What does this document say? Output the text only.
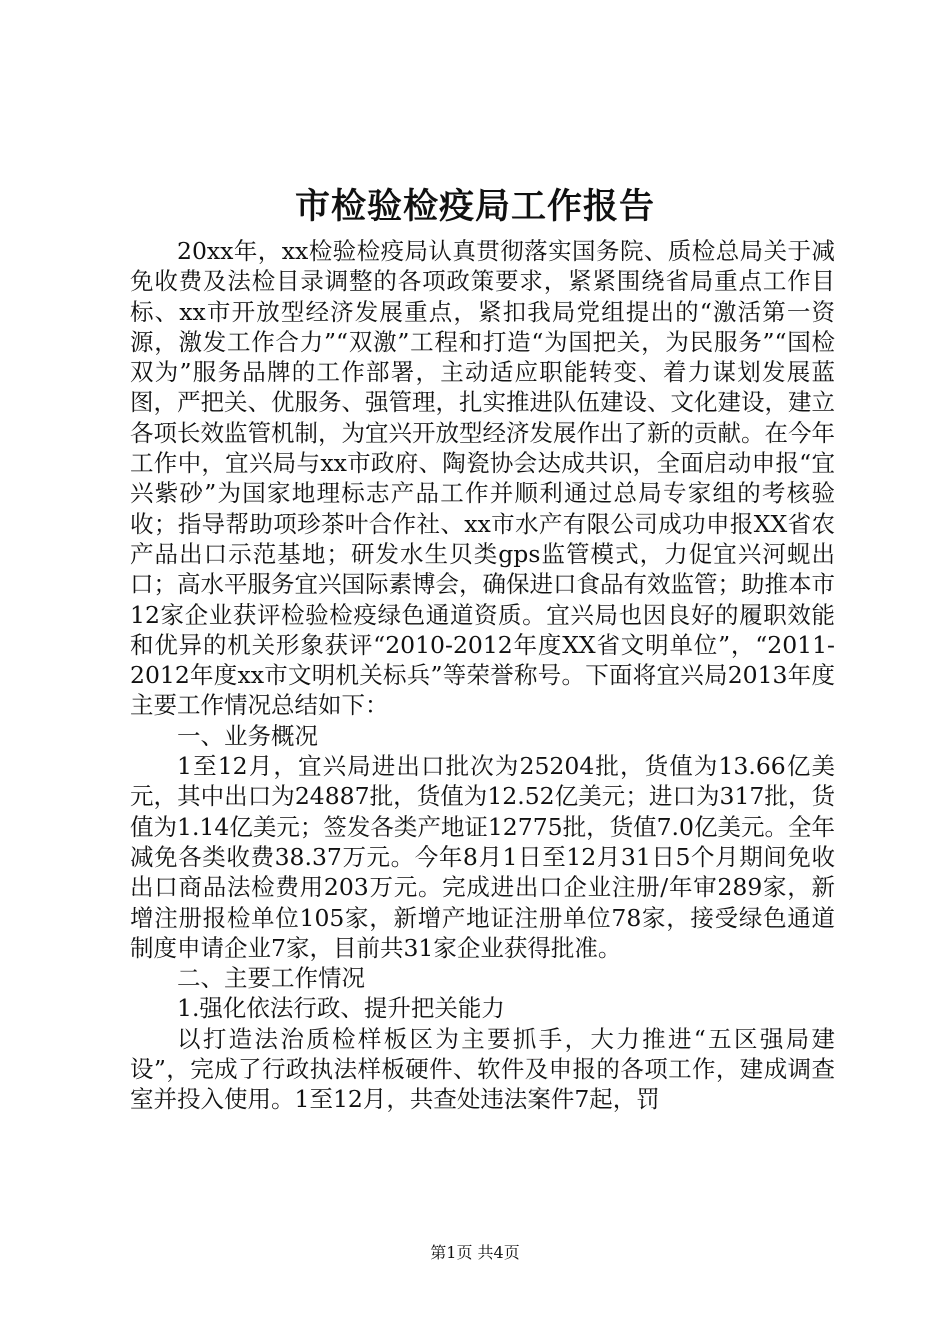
市检验检疫局工作报告

20xx年，xx检验检疫局认真贯彻落实国务院、质检总局关于减免收费及法检目录调整的各项政策要求，紧紧围绕省局重点工作目标、xx市开放型经济发展重点，紧扣我局党组提出的“激活第一资源，激发工作合力”“双激”工程和打造“为国把关，为民服务”“国检双为”服务品牌的工作部署，主动适应职能转变、着力谋划发展蓝图，严把关、优服务、强管理，扎实推进队伍建设、文化建设，建立各项长效监管机制，为宜兴开放型经济发展作出了新的贡献。在今年工作中，宜兴局与xx市政府、陶瓷协会达成共识，全面启动申报“宜兴紫砂”为国家地理标志产品工作并顺利通过总局专家组的考核验收；指导帮助项珍茶叶合作社、xx市水产有限公司成功申报XX省农产品出口示范基地；研发水生贝类gps监管模式，力促宜兴河蚬出口；高水平服务宜兴国际素博会，确保进口食品有效监管；助推本市12家企业获评检验检疫绿色通道资质。宜兴局也因良好的履职效能和优异的机关形象获评“2010-2012年度XX省文明单位”，“2011-2012年度xx市文明机关标兵”等荣誉称号。下面将宜兴局2013年度主要工作情况总结如下：

一、业务概况

1至12月，宜兴局进出口批次为25204批，货值为13.66亿美元，其中出口为24887批，货值为12.52亿美元；进口为317批，货值为1.14亿美元；签发各类产地证12775批，货值7.0亿美元。全年减免各类收费38.37万元。今年8月1日至12月31日5个月期间免收出口商品法检费用203万元。完成进出口企业注册/年审289家，新增注册报检单位105家，新增产地证注册单位78家，接受绿色通道制度申请企业7家，目前共31家企业获得批准。

二、主要工作情况

1.强化依法行政、提升把关能力

以打造法治质检样板区为主要抓手，大力推进“五区强局建设”，完成了行政执法样板硬件、软件及申报的各项工作，建成调查室并投入使用。1至12月，共查处违法案件7起，罚

第1页 共4页
